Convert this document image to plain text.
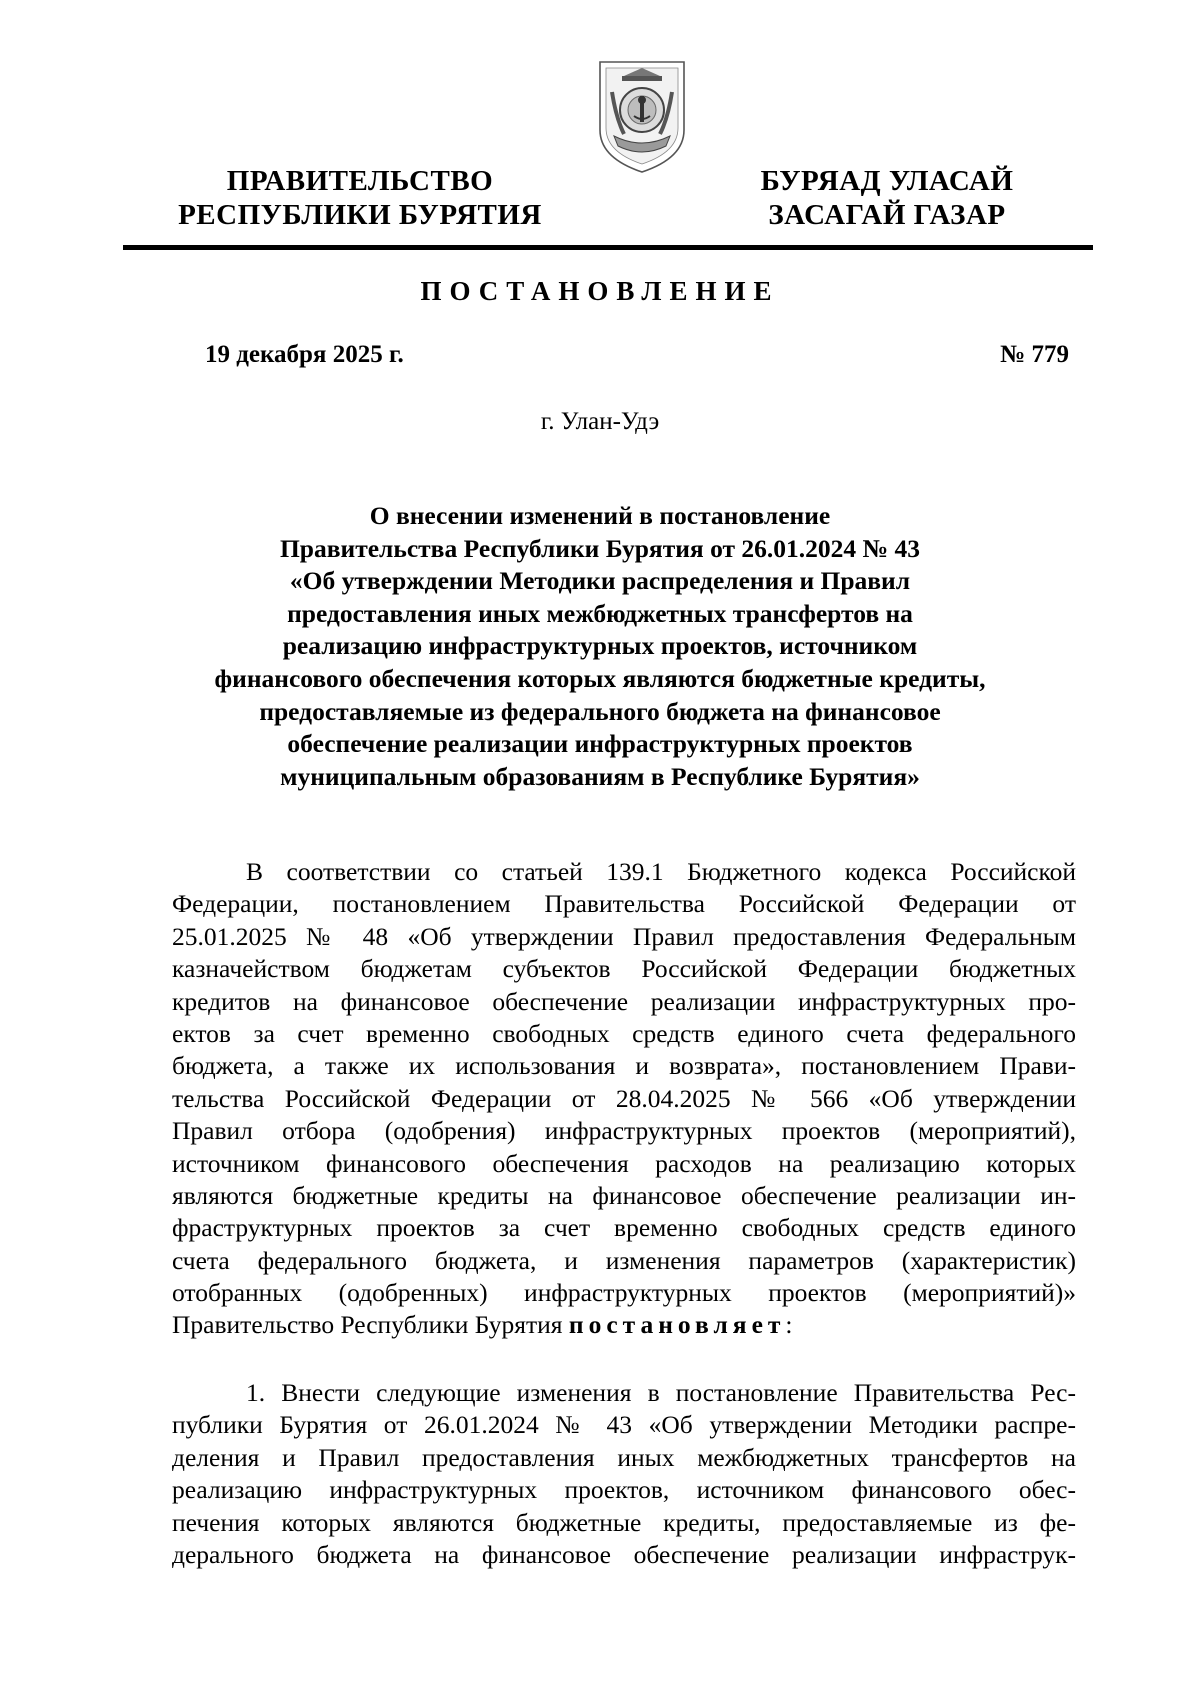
ПРАВИТЕЛЬСТВО
РЕСПУБЛИКИ БУРЯТИЯ
БУРЯАД УЛАСАЙ
ЗАСАГАЙ ГАЗАР
ПОСТАНОВЛЕНИЕ
19 декабря 2025 г.	№ 779
г. Улан-Удэ
О внесении изменений в постановление
Правительства Республики Бурятия от 26.01.2024 № 43
«Об утверждении Методики распределения и Правил
предоставления иных межбюджетных трансфертов на
реализацию инфраструктурных проектов, источником
финансового обеспечения которых являются бюджетные кредиты,
предоставляемые из федерального бюджета на финансовое
обеспечение реализации инфраструктурных проектов
муниципальным образованиям в Республике Бурятия»
В соответствии со статьей 139.1 Бюджетного кодекса Российской
Федерации, постановлением Правительства Российской Федерации от
25.01.2025 № 48 «Об утверждении Правил предоставления Федеральным
казначейством бюджетам субъектов Российской Федерации бюджетных
кредитов на финансовое обеспечение реализации инфраструктурных про-
ектов за счет временно свободных средств единого счета федерального
бюджета, а также их использования и возврата», постановлением Прави-
тельства Российской Федерации от 28.04.2025 № 566 «Об утверждении
Правил отбора (одобрения) инфраструктурных проектов (мероприятий),
источником финансового обеспечения расходов на реализацию которых
являются бюджетные кредиты на финансовое обеспечение реализации ин-
фраструктурных проектов за счет временно свободных средств единого
счета федерального бюджета, и изменения параметров (характеристик)
отобранных (одобренных) инфраструктурных проектов (мероприятий)»
Правительство Республики Бурятия постановляет:
1. Внести следующие изменения в постановление Правительства Рес-
публики Бурятия от 26.01.2024 № 43 «Об утверждении Методики распре-
деления и Правил предоставления иных межбюджетных трансфертов на
реализацию инфраструктурных проектов, источником финансового обес-
печения которых являются бюджетные кредиты, предоставляемые из фе-
дерального бюджета на финансовое обеспечение реализации инфраструк-
